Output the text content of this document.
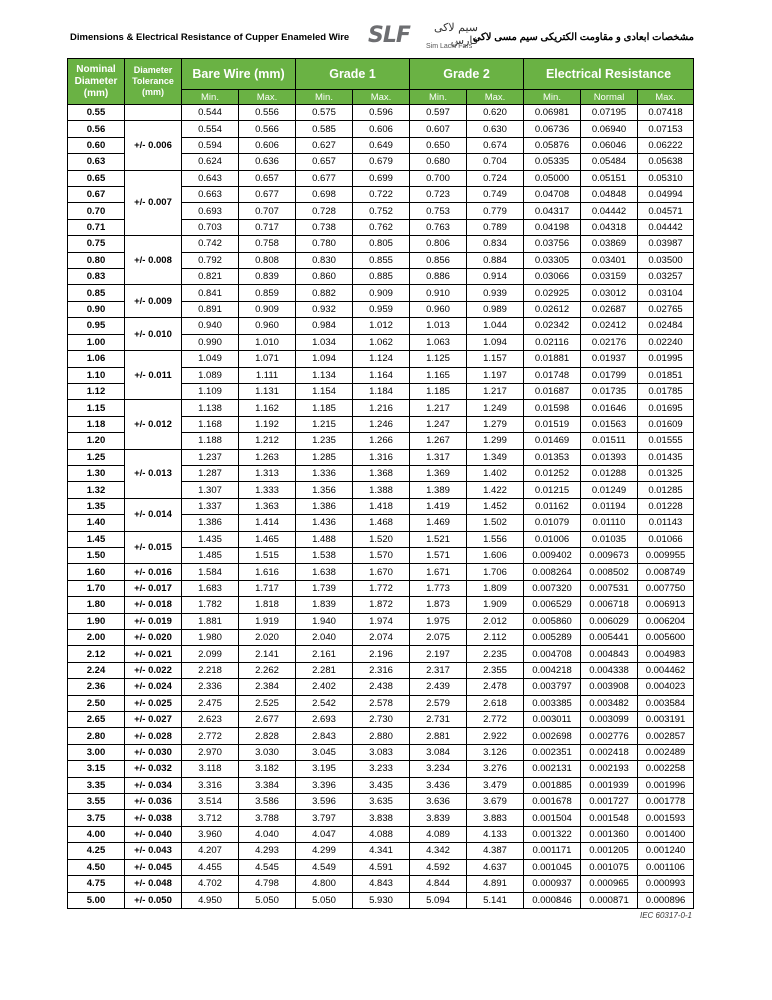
Dimensions & Electrical Resistance of Cupper Enameled Wire SLF	سیم لاکی فارس
Sim Lacki Fars
مشخصات ابعادی و مقاومت الکتریکی سیم مسی لاکی
Nominal Diameter (mm)	Diameter Tolerance (mm)	Bare Wire (mm)		Grade 1		Grade 2		Electrical Resistance		
		Min.	Max.	Min.	Max.	Min.	Max.	Min.	Normal	Max.
0.55		0.544	0.556	0.575	0.596	0.597	0.620	0.06981	0.07195	0.07418
0.56	+/- 0.006	0.554	0.566	0.585	0.606	0.607	0.630	0.06736	0.06940	0.07153
0.60		0.594	0.606	0.627	0.649	0.650	0.674	0.05876	0.06046	0.06222
0.63		0.624	0.636	0.657	0.679	0.680	0.704	0.05335	0.05484	0.05638
0.65	+/- 0.007	0.643	0.657	0.677	0.699	0.700	0.724	0.05000	0.05151	0.05310
0.67		0.663	0.677	0.698	0.722	0.723	0.749	0.04708	0.04848	0.04994
0.70		0.693	0.707	0.728	0.752	0.753	0.779	0.04317	0.04442	0.04571
0.71		0.703	0.717	0.738	0.762	0.763	0.789	0.04198	0.04318	0.04442
0.75	+/- 0.008	0.742	0.758	0.780	0.805	0.806	0.834	0.03756	0.03869	0.03987
0.80		0.792	0.808	0.830	0.855	0.856	0.884	0.03305	0.03401	0.03500
0.83		0.821	0.839	0.860	0.885	0.886	0.914	0.03066	0.03159	0.03257
0.85	+/- 0.009	0.841	0.859	0.882	0.909	0.910	0.939	0.02925	0.03012	0.03104
0.90		0.891	0.909	0.932	0.959	0.960	0.989	0.02612	0.02687	0.02765
0.95	+/- 0.010	0.940	0.960	0.984	1.012	1.013	1.044	0.02342	0.02412	0.02484
1.00		0.990	1.010	1.034	1.062	1.063	1.094	0.02116	0.02176	0.02240
1.06	+/- 0.011	1.049	1.071	1.094	1.124	1.125	1.157	0.01881	0.01937	0.01995
1.10		1.089	1.111	1.134	1.164	1.165	1.197	0.01748	0.01799	0.01851
1.12		1.109	1.131	1.154	1.184	1.185	1.217	0.01687	0.01735	0.01785
1.15	+/- 0.012	1.138	1.162	1.185	1.216	1.217	1.249	0.01598	0.01646	0.01695
1.18		1.168	1.192	1.215	1.246	1.247	1.279	0.01519	0.01563	0.01609
1.20		1.188	1.212	1.235	1.266	1.267	1.299	0.01469	0.01511	0.01555
1.25	+/- 0.013	1.237	1.263	1.285	1.316	1.317	1.349	0.01353	0.01393	0.01435
1.30		1.287	1.313	1.336	1.368	1.369	1.402	0.01252	0.01288	0.01325
1.32		1.307	1.333	1.356	1.388	1.389	1.422	0.01215	0.01249	0.01285
1.35	+/- 0.014	1.337	1.363	1.386	1.418	1.419	1.452	0.01162	0.01194	0.01228
1.40		1.386	1.414	1.436	1.468	1.469	1.502	0.01079	0.01110	0.01143
1.45	+/- 0.015	1.435	1.465	1.488	1.520	1.521	1.556	0.01006	0.01035	0.01066
1.50		1.485	1.515	1.538	1.570	1.571	1.606	0.009402	0.009673	0.009955
1.60	+/- 0.016	1.584	1.616	1.638	1.670	1.671	1.706	0.008264	0.008502	0.008749
1.70	+/- 0.017	1.683	1.717	1.739	1.772	1.773	1.809	0.007320	0.007531	0.007750
1.80	+/- 0.018	1.782	1.818	1.839	1.872	1.873	1.909	0.006529	0.006718	0.006913
1.90	+/- 0.019	1.881	1.919	1.940	1.974	1.975	2.012	0.005860	0.006029	0.006204
2.00	+/- 0.020	1.980	2.020	2.040	2.074	2.075	2.112	0.005289	0.005441	0.005600
2.12	+/- 0.021	2.099	2.141	2.161	2.196	2.197	2.235	0.004708	0.004843	0.004983
2.24	+/- 0.022	2.218	2.262	2.281	2.316	2.317	2.355	0.004218	0.004338	0.004462
2.36	+/- 0.024	2.336	2.384	2.402	2.438	2.439	2.478	0.003797	0.003908	0.004023
2.50	+/- 0.025	2.475	2.525	2.542	2.578	2.579	2.618	0.003385	0.003482	0.003584
2.65	+/- 0.027	2.623	2.677	2.693	2.730	2.731	2.772	0.003011	0.003099	0.003191
2.80	+/- 0.028	2.772	2.828	2.843	2.880	2.881	2.922	0.002698	0.002776	0.002857
3.00	+/- 0.030	2.970	3.030	3.045	3.083	3.084	3.126	0.002351	0.002418	0.002489
3.15	+/- 0.032	3.118	3.182	3.195	3.233	3.234	3.276	0.002131	0.002193	0.002258
3.35	+/- 0.034	3.316	3.384	3.396	3.435	3.436	3.479	0.001885	0.001939	0.001996
3.55	+/- 0.036	3.514	3.586	3.596	3.635	3.636	3.679	0.001678	0.001727	0.001778
3.75	+/- 0.038	3.712	3.788	3.797	3.838	3.839	3.883	0.001504	0.001548	0.001593
4.00	+/- 0.040	3.960	4.040	4.047	4.088	4.089	4.133	0.001322	0.001360	0.001400
4.25	+/- 0.043	4.207	4.293	4.299	4.341	4.342	4.387	0.001171	0.001205	0.001240
4.50	+/- 0.045	4.455	4.545	4.549	4.591	4.592	4.637	0.001045	0.001075	0.001106
4.75	+/- 0.048	4.702	4.798	4.800	4.843	4.844	4.891	0.000937	0.000965	0.000993
5.00	+/- 0.050	4.950	5.050	5.050	5.930	5.094	5.141	0.000846	0.000871	0.000896
IEC 60317-0-1
